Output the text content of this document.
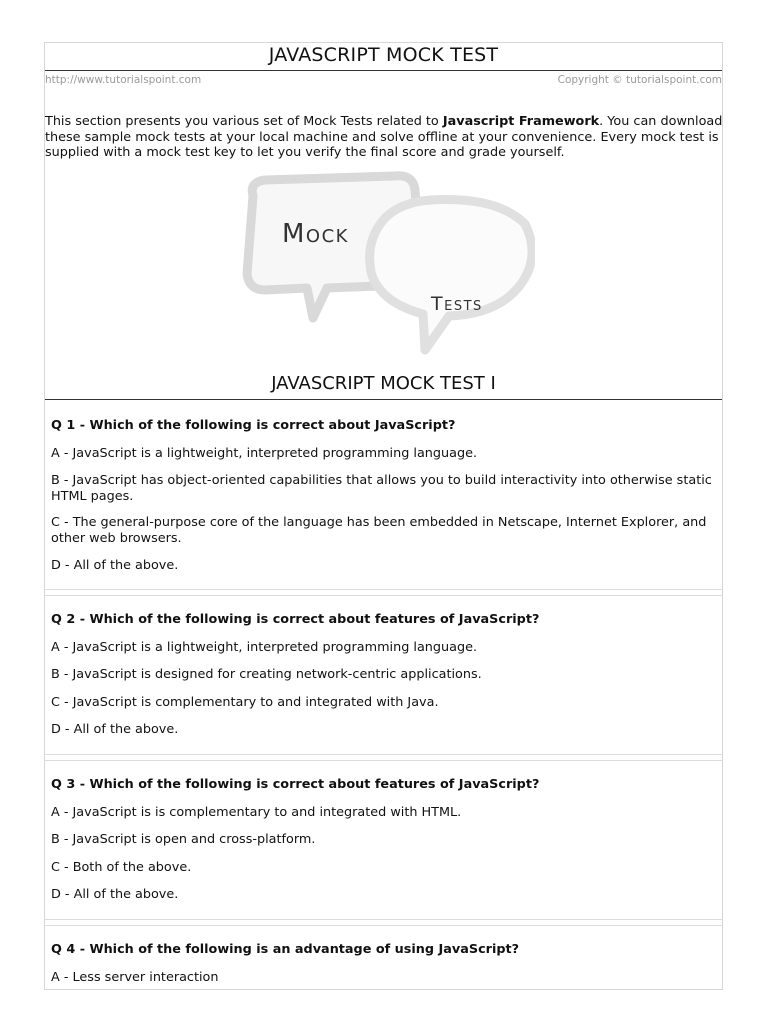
JAVASCRIPT MOCK TEST
http://www.tutorialspoint.com	Copyright © tutorialspoint.com
This section presents you various set of Mock Tests related to Javascript Framework. You can download these sample mock tests at your local machine and solve offline at your convenience. Every mock test is supplied with a mock test key to let you verify the final score and grade yourself.
Mock
Tests
JAVASCRIPT MOCK TEST I
Q 1 - Which of the following is correct about JavaScript?
A - JavaScript is a lightweight, interpreted programming language.
B - JavaScript has object-oriented capabilities that allows you to build interactivity into otherwise static HTML pages.
C - The general-purpose core of the language has been embedded in Netscape, Internet Explorer, and other web browsers.
D - All of the above.
Q 2 - Which of the following is correct about features of JavaScript?
A - JavaScript is a lightweight, interpreted programming language.
B - JavaScript is designed for creating network-centric applications.
C - JavaScript is complementary to and integrated with Java.
D - All of the above.
Q 3 - Which of the following is correct about features of JavaScript?
A - JavaScript is is complementary to and integrated with HTML.
B - JavaScript is open and cross-platform.
C - Both of the above.
D - All of the above.
Q 4 - Which of the following is an advantage of using JavaScript?
A - Less server interaction
